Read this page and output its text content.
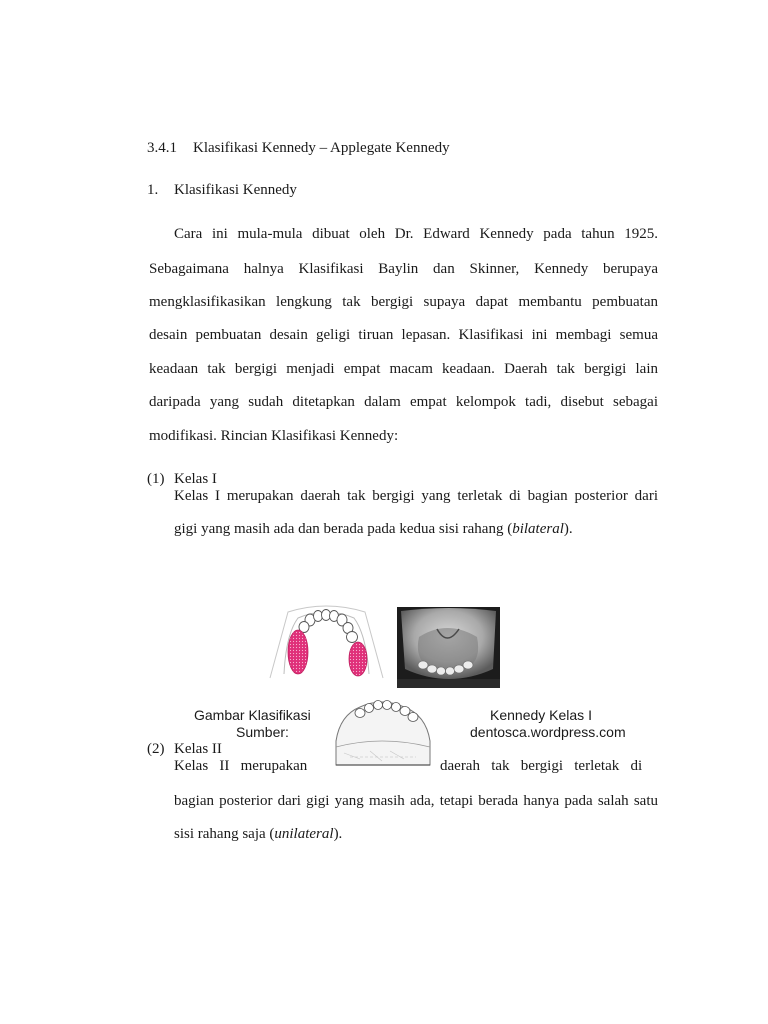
3.4.1 Klasifikasi Kennedy – Applegate Kennedy
1. Klasifikasi Kennedy
Cara ini mula-mula dibuat oleh Dr. Edward Kennedy pada tahun 1925.
Sebagaimana halnya Klasifikasi Baylin dan Skinner, Kennedy berupaya
mengklasifikasikan lengkung tak bergigi supaya dapat membantu pembuatan
desain pembuatan desain geligi tiruan lepasan. Klasifikasi ini membagi semua
keadaan tak bergigi menjadi empat macam keadaan. Daerah tak bergigi lain
daripada yang sudah ditetapkan dalam empat kelompok tadi, disebut sebagai
modifikasi. Rincian Klasifikasi Kennedy:
(1) Kelas I
Kelas I merupakan daerah tak bergigi yang terletak di bagian posterior dari
gigi yang masih ada dan berada pada kedua sisi rahang (bilateral).
Gambar Klasifikasi	Kennedy Kelas I
Sumber:	dentosca.wordpress.com
(2) Kelas II
Kelas   II   merupakan	daerah   tak   bergigi   terletak   di
bagian posterior dari gigi yang masih ada, tetapi berada hanya pada salah satu
sisi rahang saja (unilateral).
